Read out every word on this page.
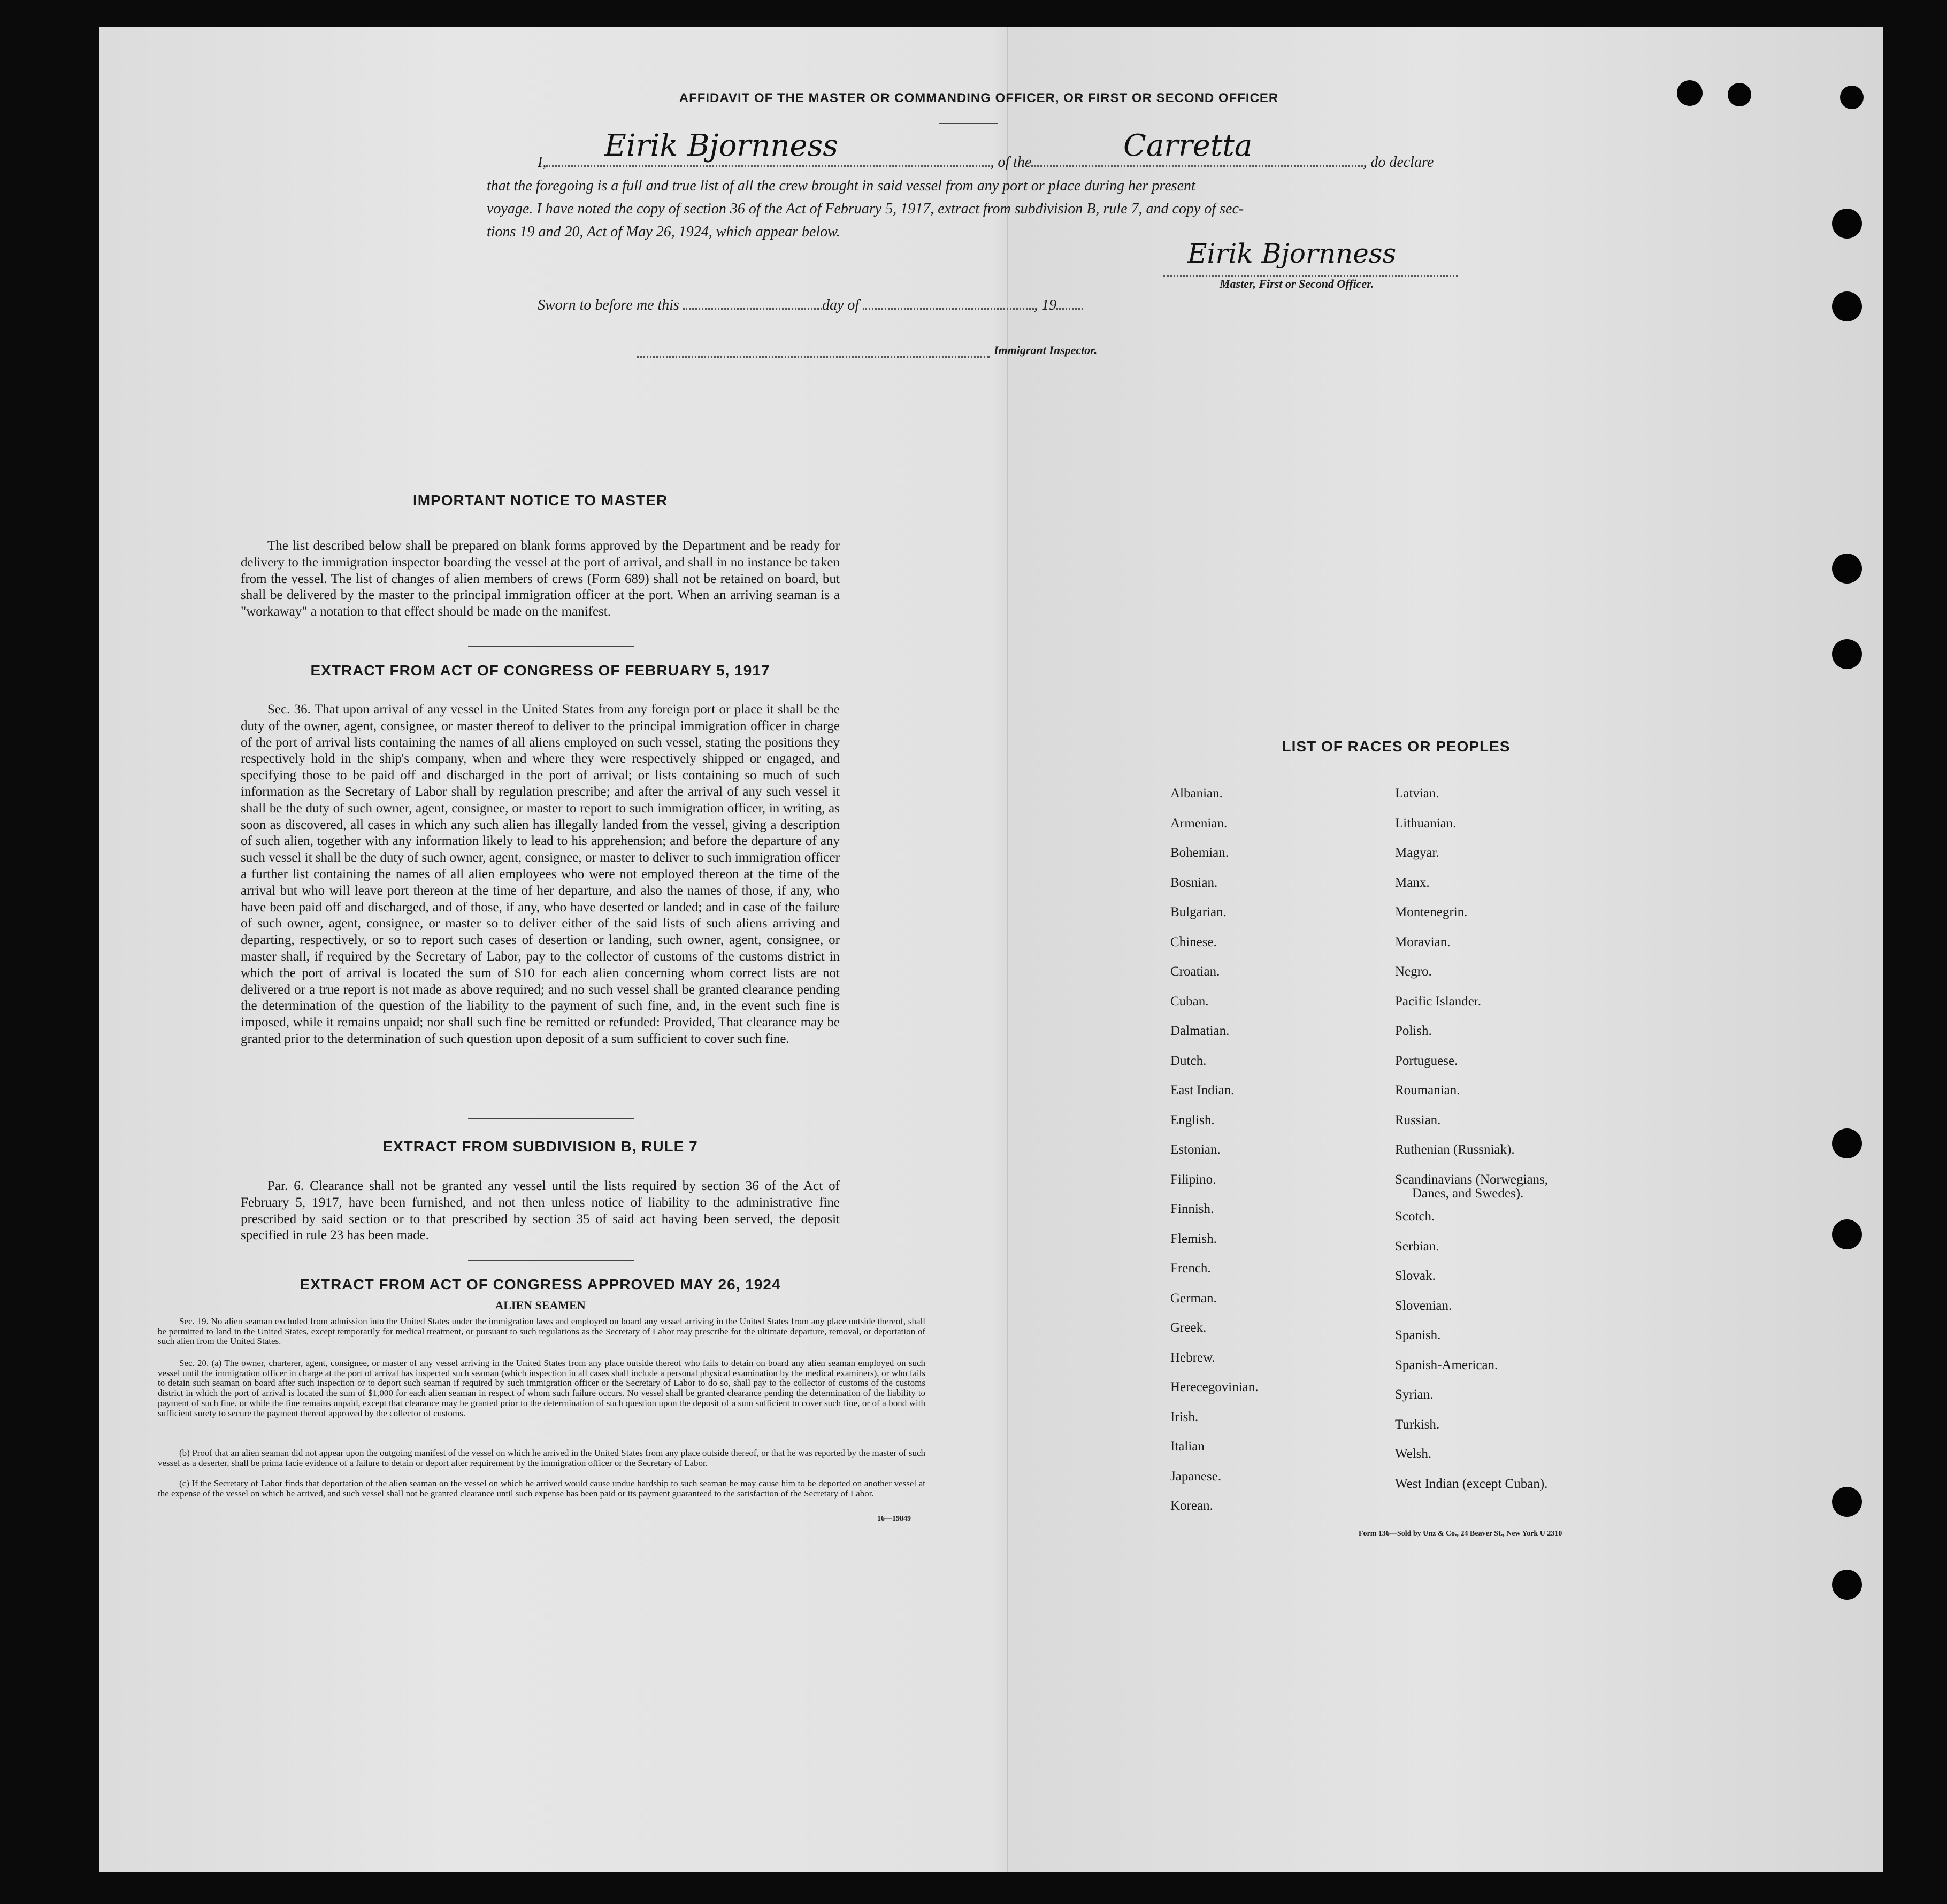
AFFIDAVIT OF THE MASTER OR COMMANDING OFFICER, OR FIRST OR SECOND OFFICER
I,	, of the	, do declare
Eirik Bjornness	Carretta
that the foregoing is a full and true list of all the crew brought in said vessel from any port or place during her present
voyage. I have noted the copy of section 36 of the Act of February 5, 1917, extract from subdivision B, rule 7, and copy of sec-
tions 19 and 20, Act of May 26, 1924, which appear below.
Eirik Bjornness
Master, First or Second Officer.
Sworn to before me this	day of	, 19
Immigrant Inspector.
IMPORTANT NOTICE TO MASTER
The list described below shall be prepared on blank forms approved by the Department and be ready for delivery to the immigration inspector boarding the vessel at the port of arrival, and shall in no instance be taken from the vessel. The list of changes of alien members of crews (Form 689) shall not be retained on board, but shall be delivered by the master to the principal immigration officer at the port. When an arriving seaman is a "workaway" a notation to that effect should be made on the manifest.
EXTRACT FROM ACT OF CONGRESS OF FEBRUARY 5, 1917
Sec. 36. That upon arrival of any vessel in the United States from any foreign port or place it shall be the duty of the owner, agent, consignee, or master thereof to deliver to the principal immigration officer in charge of the port of arrival lists containing the names of all aliens employed on such vessel, stating the positions they respectively hold in the ship's company, when and where they were respectively shipped or engaged, and specifying those to be paid off and discharged in the port of arrival; or lists containing so much of such information as the Secretary of Labor shall by regulation prescribe; and after the arrival of any such vessel it shall be the duty of such owner, agent, consignee, or master to report to such immigration officer, in writing, as soon as discovered, all cases in which any such alien has illegally landed from the vessel, giving a description of such alien, together with any information likely to lead to his apprehension; and before the departure of any such vessel it shall be the duty of such owner, agent, consignee, or master to deliver to such immigration officer a further list containing the names of all alien employees who were not employed thereon at the time of the arrival but who will leave port thereon at the time of her departure, and also the names of those, if any, who have been paid off and discharged, and of those, if any, who have deserted or landed; and in case of the failure of such owner, agent, consignee, or master so to deliver either of the said lists of such aliens arriving and departing, respectively, or so to report such cases of desertion or landing, such owner, agent, consignee, or master shall, if required by the Secretary of Labor, pay to the collector of customs of the customs district in which the port of arrival is located the sum of $10 for each alien concerning whom correct lists are not delivered or a true report is not made as above required; and no such vessel shall be granted clearance pending the determination of the question of the liability to the payment of such fine, and, in the event such fine is imposed, while it remains unpaid; nor shall such fine be remitted or refunded: Provided, That clearance may be granted prior to the determination of such question upon deposit of a sum sufficient to cover such fine.
EXTRACT FROM SUBDIVISION B, RULE 7
Par. 6. Clearance shall not be granted any vessel until the lists required by section 36 of the Act of February 5, 1917, have been furnished, and not then unless notice of liability to the administrative fine prescribed by said section or to that prescribed by section 35 of said act having been served, the deposit specified in rule 23 has been made.
EXTRACT FROM ACT OF CONGRESS APPROVED MAY 26, 1924
ALIEN SEAMEN
Sec. 19. No alien seaman excluded from admission into the United States under the immigration laws and employed on board any vessel arriving in the United States from any place outside thereof, shall be permitted to land in the United States, except temporarily for medical treatment, or pursuant to such regulations as the Secretary of Labor may prescribe for the ultimate departure, removal, or deportation of such alien from the United States.
Sec. 20. (a) The owner, charterer, agent, consignee, or master of any vessel arriving in the United States from any place outside thereof who fails to detain on board any alien seaman employed on such vessel until the immigration officer in charge at the port of arrival has inspected such seaman (which inspection in all cases shall include a personal physical examination by the medical examiners), or who fails to detain such seaman on board after such inspection or to deport such seaman if required by such immigration officer or the Secretary of Labor to do so, shall pay to the collector of customs of the customs district in which the port of arrival is located the sum of $1,000 for each alien seaman in respect of whom such failure occurs. No vessel shall be granted clearance pending the determination of the liability to payment of such fine, or while the fine remains unpaid, except that clearance may be granted prior to the determination of such question upon the deposit of a sum sufficient to cover such fine, or of a bond with sufficient surety to secure the payment thereof approved by the collector of customs.
(b) Proof that an alien seaman did not appear upon the outgoing manifest of the vessel on which he arrived in the United States from any place outside thereof, or that he was reported by the master of such vessel as a deserter, shall be prima facie evidence of a failure to detain or deport after requirement by the immigration officer or the Secretary of Labor.
(c) If the Secretary of Labor finds that deportation of the alien seaman on the vessel on which he arrived would cause undue hardship to such seaman he may cause him to be deported on another vessel at the expense of the vessel on which he arrived, and such vessel shall not be granted clearance until such expense has been paid or its payment guaranteed to the satisfaction of the Secretary of Labor.
16—19849
LIST OF RACES OR PEOPLES
Form 136—Sold by Unz & Co., 24 Beaver St., New York U 2310
Albanian.
Armenian.
Bohemian.
Bosnian.
Bulgarian.
Chinese.
Croatian.
Cuban.
Dalmatian.
Dutch.
East Indian.
English.
Estonian.
Filipino.
Finnish.
Flemish.
French.
German.
Greek.
Hebrew.
Herecegovinian.
Irish.
Italian
Japanese.
Korean.
Latvian.
Lithuanian.
Magyar.
Manx.
Montenegrin.
Moravian.
Negro.
Pacific Islander.
Polish.
Portuguese.
Roumanian.
Russian.
Ruthenian (Russniak).
Scandinavians (Norwegians,
Danes, and Swedes).
Scotch.
Serbian.
Slovak.
Slovenian.
Spanish.
Spanish-American.
Syrian.
Turkish.
Welsh.
West Indian (except Cuban).
